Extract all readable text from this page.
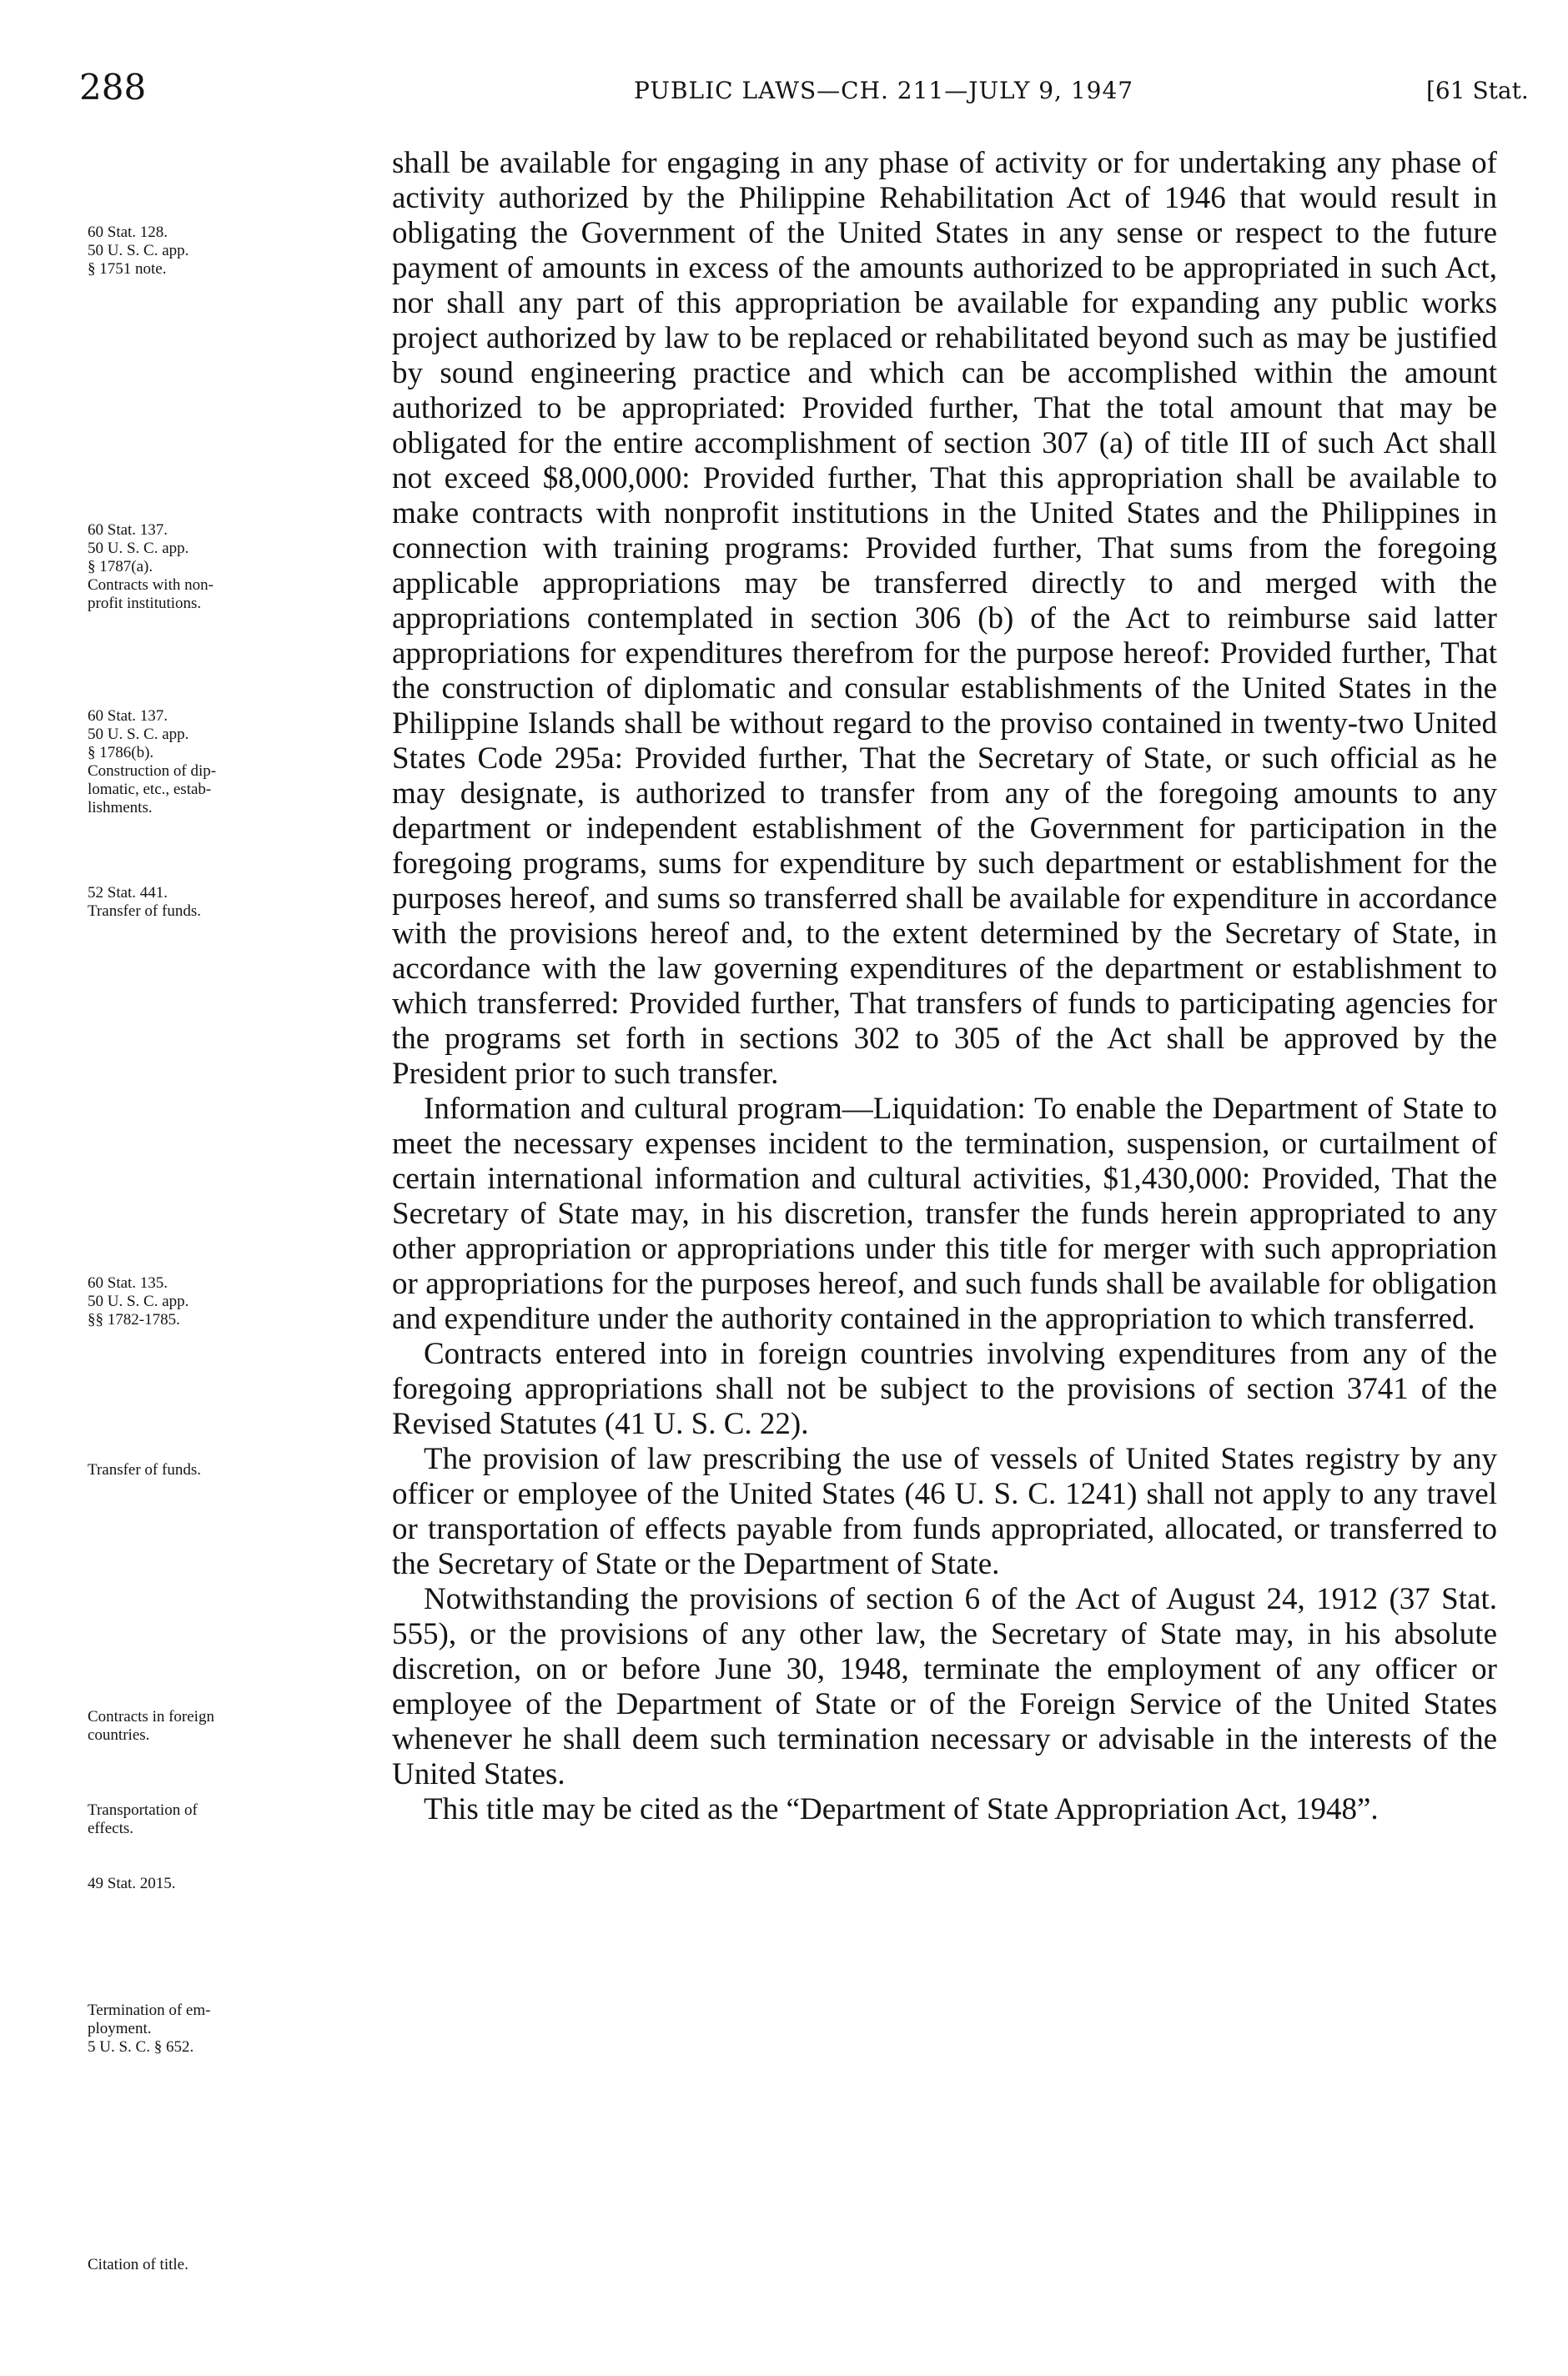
288	PUBLIC LAWS—CH. 211—JULY 9, 1947	[61 Stat.
60 Stat. 128.
50 U. S. C. app.
§ 1751 note.
60 Stat. 137.
50 U. S. C. app.
§ 1787(a).
Contracts with non-
profit institutions.
60 Stat. 137.
50 U. S. C. app.
§ 1786(b).
Construction of dip-
lomatic, etc., estab-
lishments.
52 Stat. 441.
Transfer of funds.
60 Stat. 135.
50 U. S. C. app.
§§ 1782-1785.
Transfer of funds.
Contracts in foreign
countries.
Transportation of
effects.
49 Stat. 2015.
Termination of em-
ployment.
5 U. S. C. § 652.
Citation of title.

shall be available for engaging in any phase of activity or for undertaking any phase of activity authorized by the Philippine Rehabilitation Act of 1946 that would result in obligating the Government of the United States in any sense or respect to the future payment of amounts in excess of the amounts authorized to be appropriated in such Act, nor shall any part of this appropriation be available for expanding any public works project authorized by law to be replaced or rehabilitated beyond such as may be justified by sound engineering practice and which can be accomplished within the amount authorized to be appropriated: Provided further, That the total amount that may be obligated for the entire accomplishment of section 307 (a) of title III of such Act shall not exceed $8,000,000: Provided further, That this appropriation shall be available to make contracts with nonprofit institutions in the United States and the Philippines in connection with training programs: Provided further, That sums from the foregoing applicable appropriations may be transferred directly to and merged with the appropriations contemplated in section 306 (b) of the Act to reimburse said latter appropriations for expenditures therefrom for the purpose hereof: Provided further, That the construction of diplomatic and consular establishments of the United States in the Philippine Islands shall be without regard to the proviso contained in twenty-two United States Code 295a: Provided further, That the Secretary of State, or such official as he may designate, is authorized to transfer from any of the foregoing amounts to any department or independent establishment of the Government for participation in the foregoing programs, sums for expenditure by such department or establishment for the purposes hereof, and sums so transferred shall be available for expenditure in accordance with the provisions hereof and, to the extent determined by the Secretary of State, in accordance with the law governing expenditures of the department or establishment to which transferred: Provided further, That transfers of funds to participating agencies for the programs set forth in sections 302 to 305 of the Act shall be approved by the President prior to such transfer.

Information and cultural program—Liquidation: To enable the Department of State to meet the necessary expenses incident to the termination, suspension, or curtailment of certain international information and cultural activities, $1,430,000: Provided, That the Secretary of State may, in his discretion, transfer the funds herein appropriated to any other appropriation or appropriations under this title for merger with such appropriation or appropriations for the purposes hereof, and such funds shall be available for obligation and expenditure under the authority contained in the appropriation to which transferred.

Contracts entered into in foreign countries involving expenditures from any of the foregoing appropriations shall not be subject to the provisions of section 3741 of the Revised Statutes (41 U. S. C. 22).

The provision of law prescribing the use of vessels of United States registry by any officer or employee of the United States (46 U. S. C. 1241) shall not apply to any travel or transportation of effects payable from funds appropriated, allocated, or transferred to the Secretary of State or the Department of State.

Notwithstanding the provisions of section 6 of the Act of August 24, 1912 (37 Stat. 555), or the provisions of any other law, the Secretary of State may, in his absolute discretion, on or before June 30, 1948, terminate the employment of any officer or employee of the Department of State or of the Foreign Service of the United States whenever he shall deem such termination necessary or advisable in the interests of the United States.

This title may be cited as the “Department of State Appropriation Act, 1948”.
